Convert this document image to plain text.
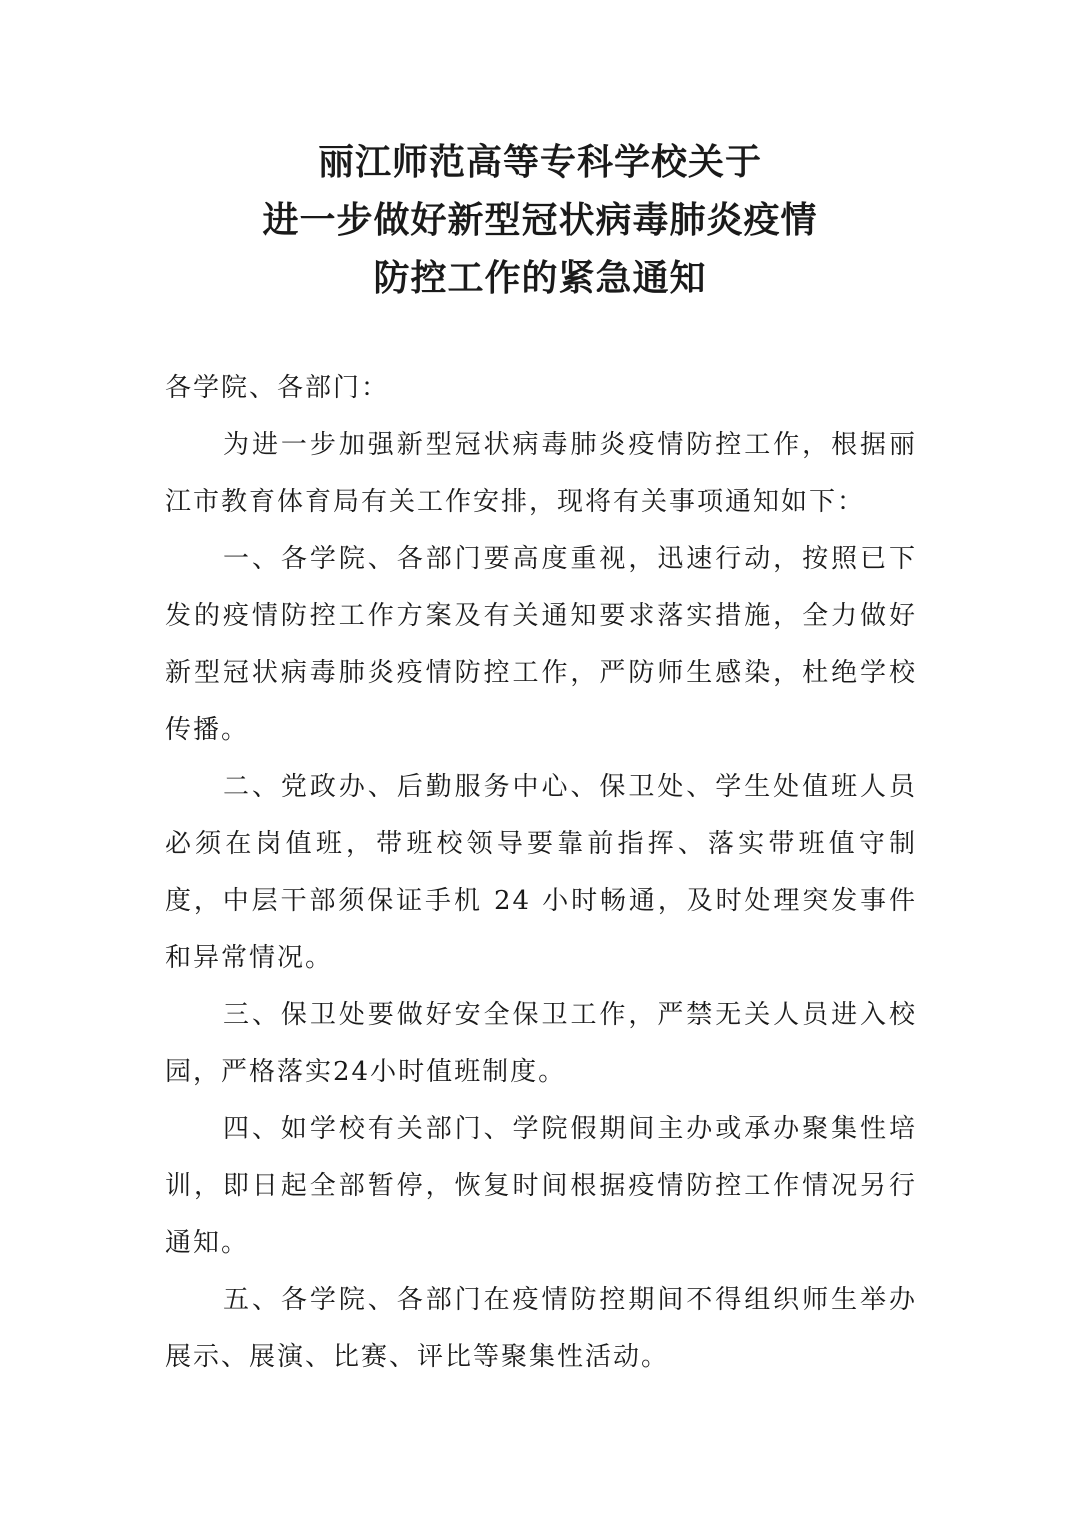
丽江师范高等专科学校关于
进一步做好新型冠状病毒肺炎疫情
防控工作的紧急通知

各学院、各部门：

为进一步加强新型冠状病毒肺炎疫情防控工作，根据丽江市教育体育局有关工作安排，现将有关事项通知如下：

一、各学院、各部门要高度重视，迅速行动，按照已下发的疫情防控工作方案及有关通知要求落实措施，全力做好新型冠状病毒肺炎疫情防控工作，严防师生感染，杜绝学校传播。

二、党政办、后勤服务中心、保卫处、学生处值班人员必须在岗值班，带班校领导要靠前指挥、落实带班值守制度，中层干部须保证手机 24 小时畅通，及时处理突发事件和异常情况。

三、保卫处要做好安全保卫工作，严禁无关人员进入校园，严格落实24小时值班制度。

四、如学校有关部门、学院假期间主办或承办聚集性培训，即日起全部暂停，恢复时间根据疫情防控工作情况另行通知。

五、各学院、各部门在疫情防控期间不得组织师生举办展示、展演、比赛、评比等聚集性活动。
